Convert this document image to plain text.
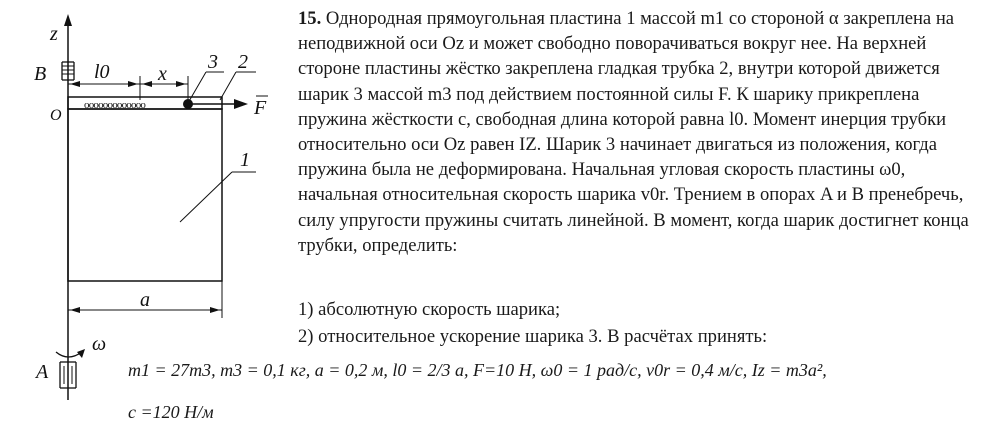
z
B l0 x
3 2
ooooooooooooo	F
O
1
a
ω
A

15. Однородная прямоугольная пластина 1 массой m1 со стороной α закреплена на неподвижной оси Oz и может свободно поворачиваться вокруг нее. На верхней стороне пластины жёстко закреплена гладкая трубка 2, внутри которой движется шарик 3 массой m3 под действием постоянной силы F. К шарику прикреплена пружина жёсткости c, свободная длина которой равна l0. Момент инерция трубки относительно оси Oz равен IZ. Шарик 3 начинает двигаться из положения, когда пружина была не деформирована. Начальная угловая скорость пластины ω0, начальная относительная скорость шарика v0r. Трением в опорах A и B пренебречь, силу упругости пружины считать линейной. В момент, когда шарик достигнет конца трубки, определить:

1) абсолютную скорость шарика;
2) относительное ускорение шарика 3. В расчётах принять:
m1 = 27m3, m3 = 0,1 кг, a = 0,2 м, l0 = 2/3 a, F=10 Н, ω0 = 1 рад/с, v0r = 0,4 м/с, Iz = m3a²,
c =120 Н/м
